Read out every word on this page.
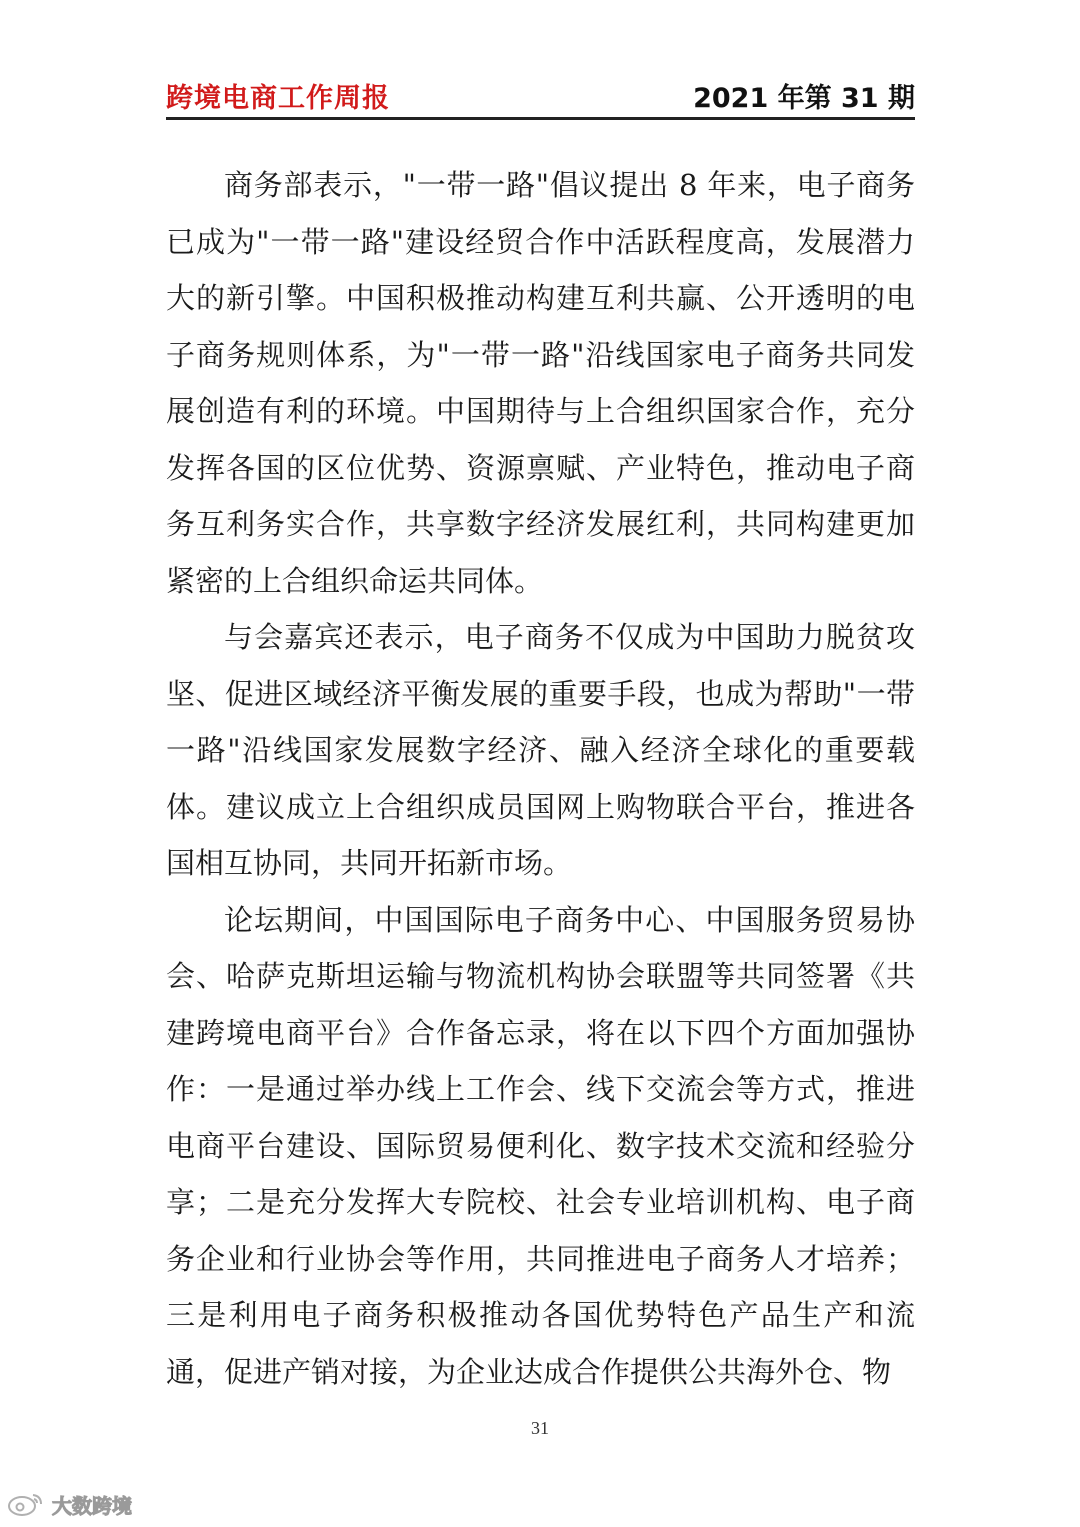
跨境电商工作周报	2021 年第 31 期

商务部表示，"一带一路"倡议提出 8 年来，电子商务已成为"一带一路"建设经贸合作中活跃程度高，发展潜力大的新引擎。中国积极推动构建互利共赢、公开透明的电子商务规则体系，为"一带一路"沿线国家电子商务共同发展创造有利的环境。中国期待与上合组织国家合作，充分发挥各国的区位优势、资源禀赋、产业特色，推动电子商务互利务实合作，共享数字经济发展红利，共同构建更加紧密的上合组织命运共同体。

与会嘉宾还表示，电子商务不仅成为中国助力脱贫攻坚、促进区域经济平衡发展的重要手段，也成为帮助"一带一路"沿线国家发展数字经济、融入经济全球化的重要载体。建议成立上合组织成员国网上购物联合平台，推进各国相互协同，共同开拓新市场。

论坛期间，中国国际电子商务中心、中国服务贸易协会、哈萨克斯坦运输与物流机构协会联盟等共同签署《共建跨境电商平台》合作备忘录，将在以下四个方面加强协作：一是通过举办线上工作会、线下交流会等方式，推进电商平台建设、国际贸易便利化、数字技术交流和经验分享；二是充分发挥大专院校、社会专业培训机构、电子商务企业和行业协会等作用，共同推进电子商务人才培养；三是利用电子商务积极推动各国优势特色产品生产和流通，促进产销对接，为企业达成合作提供公共海外仓、物

31
大数跨境
